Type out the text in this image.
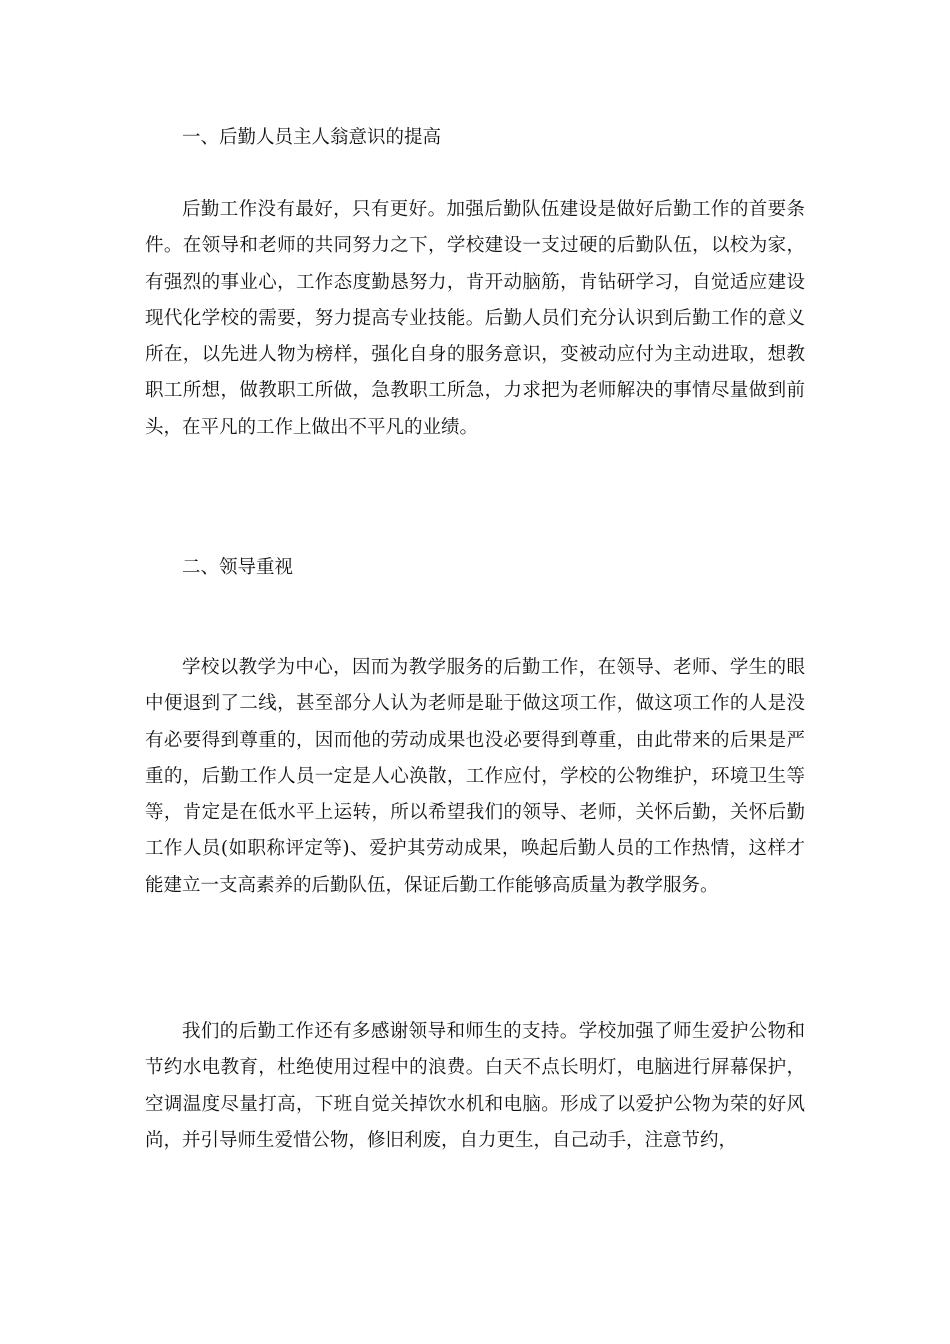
一、后勤人员主人翁意识的提高

后勤工作没有最好，只有更好。加强后勤队伍建设是做好后勤工作的首要条件。在领导和老师的共同努力之下，学校建设一支过硬的后勤队伍，以校为家，有强烈的事业心，工作态度勤恳努力，肯开动脑筋，肯钻研学习，自觉适应建设现代化学校的需要，努力提高专业技能。后勤人员们充分认识到后勤工作的意义所在，以先进人物为榜样，强化自身的服务意识，变被动应付为主动进取，想教职工所想，做教职工所做，急教职工所急，力求把为老师解决的事情尽量做到前头，在平凡的工作上做出不平凡的业绩。

二、领导重视

学校以教学为中心，因而为教学服务的后勤工作，在领导、老师、学生的眼中便退到了二线，甚至部分人认为老师是耻于做这项工作，做这项工作的人是没有必要得到尊重的，因而他的劳动成果也没必要得到尊重，由此带来的后果是严重的，后勤工作人员一定是人心涣散，工作应付，学校的公物维护，环境卫生等等，肯定是在低水平上运转，所以希望我们的领导、老师，关怀后勤，关怀后勤工作人员(如职称评定等)、爱护其劳动成果，唤起后勤人员的工作热情，这样才能建立一支高素养的后勤队伍，保证后勤工作能够高质量为教学服务。

我们的后勤工作还有多感谢领导和师生的支持。学校加强了师生爱护公物和节约水电教育，杜绝使用过程中的浪费。白天不点长明灯，电脑进行屏幕保护，空调温度尽量打高，下班自觉关掉饮水机和电脑。形成了以爱护公物为荣的好风尚，并引导师生爱惜公物，修旧利废，自力更生，自己动手，注意节约，
